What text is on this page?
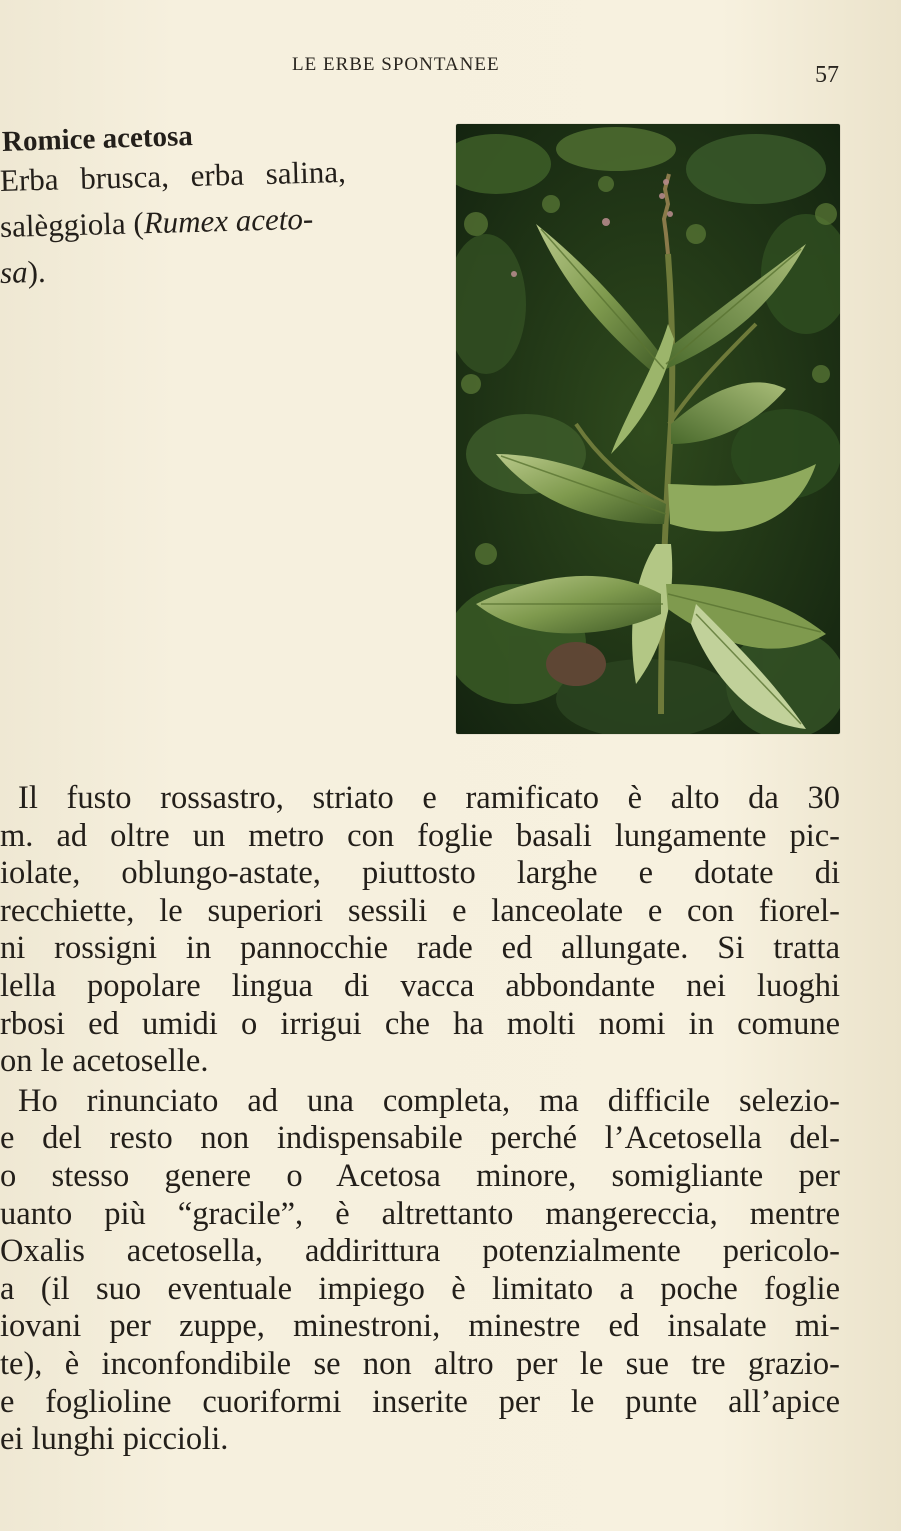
LE ERBE SPONTANEE	57
Romice acetosa
Erba brusca, erba salina,
salèggiola (Rumex aceto-
sa).
Il fusto rossastro, striato e ramificato è alto da 30
m. ad oltre un metro con foglie basali lungamente pic-
iolate, oblungo-astate, piuttosto larghe e dotate di
recchiette, le superiori sessili e lanceolate e con fiorel-
ni rossigni in pannocchie rade ed allungate. Si tratta
lella popolare lingua di vacca abbondante nei luoghi
rbosi ed umidi o irrigui che ha molti nomi in comune
on le acetoselle.
Ho rinunciato ad una completa, ma difficile selezio-
e del resto non indispensabile perché l’Acetosella del-
o stesso genere o Acetosa minore, somigliante per
uanto più “gracile”, è altrettanto mangereccia, mentre
Oxalis acetosella, addirittura potenzialmente pericolo-
a (il suo eventuale impiego è limitato a poche foglie
iovani per zuppe, minestroni, minestre ed insalate mi-
te), è inconfondibile se non altro per le sue tre grazio-
e foglioline cuoriformi inserite per le punte all’apice
ei lunghi piccioli.
